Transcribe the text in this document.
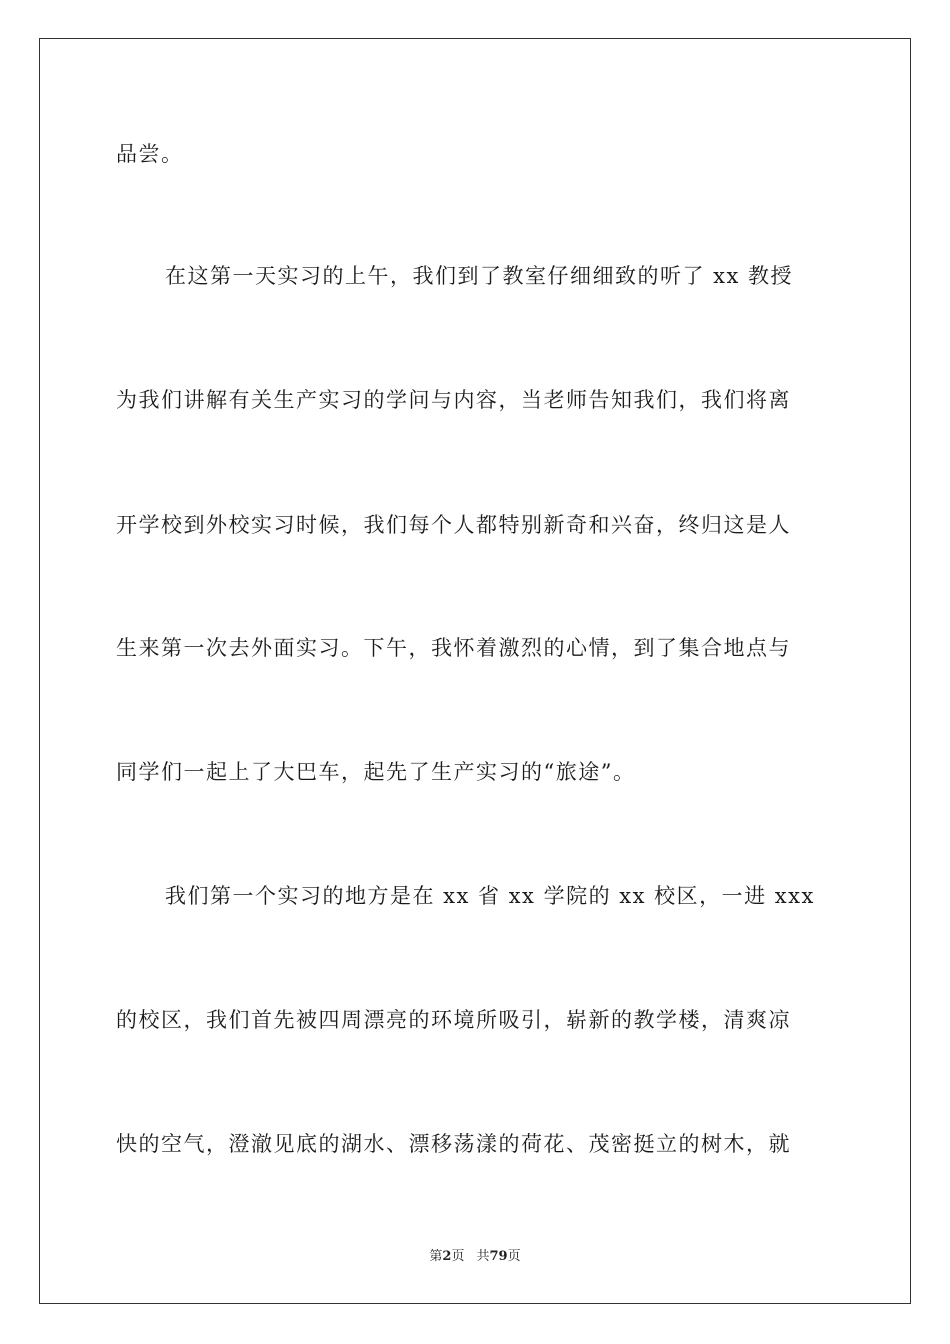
品尝。
在这第一天实习的上午，我们到了教室仔细细致的听了 xx 教授
为我们讲解有关生产实习的学问与内容，当老师告知我们，我们将离
开学校到外校实习时候，我们每个人都特别新奇和兴奋，终归这是人
生来第一次去外面实习。下午，我怀着激烈的心情，到了集合地点与
同学们一起上了大巴车，起先了生产实习的“旅途”。
我们第一个实习的地方是在 xx 省 xx 学院的 xx 校区，一进 xxx
的校区，我们首先被四周漂亮的环境所吸引，崭新的教学楼，清爽凉
快的空气，澄澈见底的湖水、漂移荡漾的荷花、茂密挺立的树木，就
第2页 共79页
